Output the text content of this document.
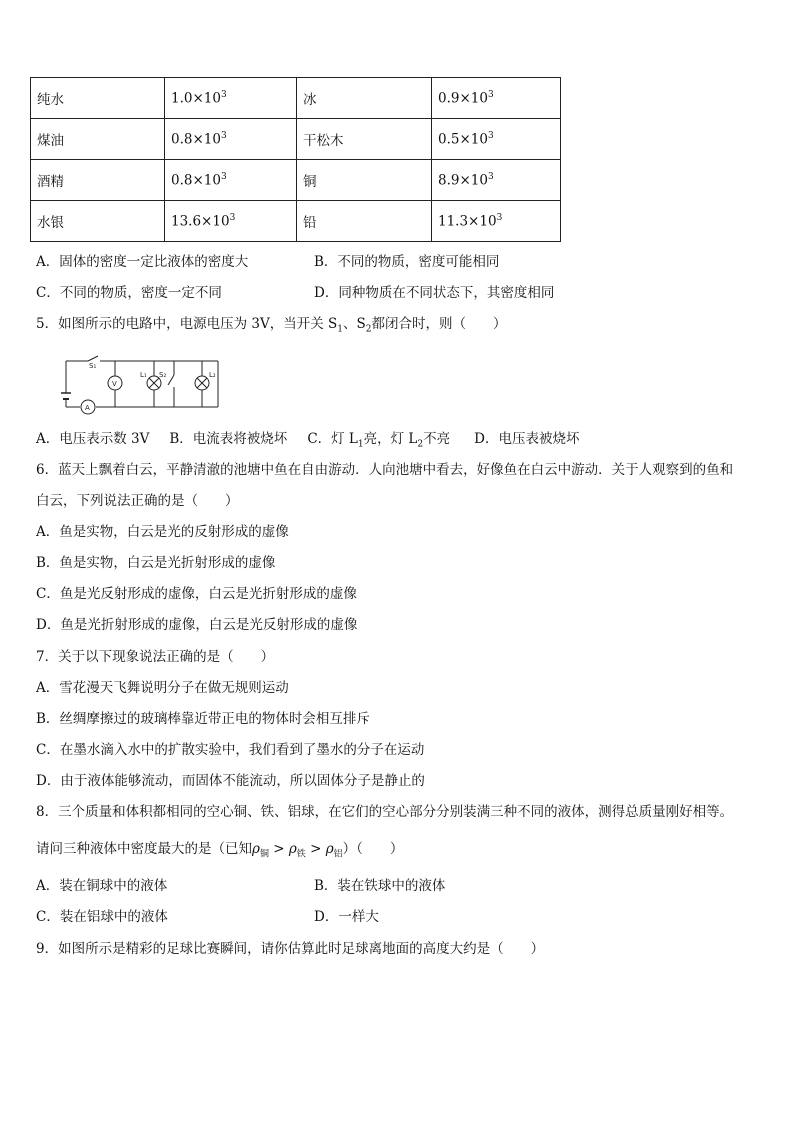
纯水	$1.0\times 10^3$	冰	$0.9\times 10^3$
煤油	$0.8\times 10^3$	干松木	$0.5\times 10^3$
酒精	$0.8\times 10^3$	铜	$8.9\times 10^3$
水银	$13.6\times 10^3$	铅	$11.3\times 10^3$
A．固体的密度一定比液体的密度大	B．不同的物质，密度可能相同
C．不同的物质，密度一定不同	D．同种物质在不同状态下，其密度相同
5．如图所示的电路中，电源电压为 3V，当开关 $S_1$、$S_2$都闭合时，则（　　）
S₁
V
A
L₁ S₂	L₂
A．电压表示数 3V B．电流表将被烧坏 C．灯 $L_1$亮，灯 $L_2$不亮 D．电压表被烧坏
6．蓝天上飘着白云，平静清澈的池塘中鱼在自由游动．人向池塘中看去，好像鱼在白云中游动．关于人观察到的鱼和
白云，下列说法正确的是（　　）
A．鱼是实物，白云是光的反射形成的虚像
B．鱼是实物，白云是光折射形成的虚像
C．鱼是光反射形成的虚像，白云是光折射形成的虚像
D．鱼是光折射形成的虚像，白云是光反射形成的虚像
7．关于以下现象说法正确的是（　　）
A．雪花漫天飞舞说明分子在做无规则运动
B．丝绸摩擦过的玻璃棒靠近带正电的物体时会相互排斥
C．在墨水滴入水中的扩散实验中，我们看到了墨水的分子在运动
D．由于液体能够流动，而固体不能流动，所以固体分子是静止的
8．三个质量和体积都相同的空心铜、铁、铝球，在它们的空心部分分别装满三种不同的液体，测得总质量刚好相等。
请问三种液体中密度最大的是（已知$\rho_铜 > \rho_铁 > \rho_铝$）（　　）
A．装在铜球中的液体	B．装在铁球中的液体
C．装在铝球中的液体	D．一样大
9．如图所示是精彩的足球比赛瞬间，请你估算此时足球离地面的高度大约是（　　）
